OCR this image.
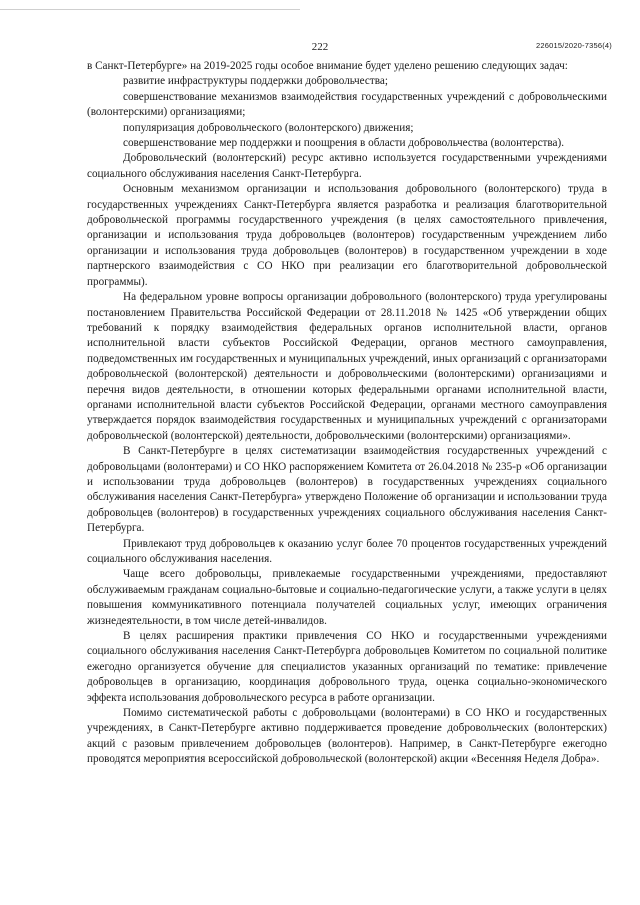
222	226015/2020-7356(4)

в Санкт-Петербурге» на 2019-2025 годы особое внимание будет уделено решению следующих задач:

развитие инфраструктуры поддержки добровольчества;

совершенствование механизмов взаимодействия государственных учреждений с добровольческими (волонтерскими) организациями;

популяризация добровольческого (волонтерского) движения;

совершенствование мер поддержки и поощрения в области добровольчества (волонтерства).

Добровольческий (волонтерский) ресурс активно используется государственными учреждениями социального обслуживания населения Санкт-Петербурга.

Основным механизмом организации и использования добровольного (волонтерского) труда в государственных учреждениях Санкт-Петербурга является разработка и реализация благотворительной добровольческой программы государственного учреждения (в целях самостоятельного привлечения, организации и использования труда добровольцев (волонтеров) государственным учреждением либо организации и использования труда добровольцев (волонтеров) в государственном учреждении в ходе партнерского взаимодействия с СО НКО при реализации его благотворительной добровольческой программы).

На федеральном уровне вопросы организации добровольного (волонтерского) труда урегулированы постановлением Правительства Российской Федерации от 28.11.2018 № 1425 «Об утверждении общих требований к порядку взаимодействия федеральных органов исполнительной власти, органов исполнительной власти субъектов Российской Федерации, органов местного самоуправления, подведомственных им государственных и муниципальных учреждений, иных организаций с организаторами добровольческой (волонтерской) деятельности и добровольческими (волонтерскими) организациями и перечня видов деятельности, в отношении которых федеральными органами исполнительной власти, органами исполнительной власти субъектов Российской Федерации, органами местного самоуправления утверждается порядок взаимодействия государственных и муниципальных учреждений с организаторами добровольческой (волонтерской) деятельности, добровольческими (волонтерскими) организациями».

В Санкт-Петербурге в целях систематизации взаимодействия государственных учреждений с добровольцами (волонтерами) и СО НКО распоряжением Комитета от 26.04.2018 № 235-р «Об организации и использовании труда добровольцев (волонтеров) в государственных учреждениях социального обслуживания населения Санкт-Петербурга» утверждено Положение об организации и использовании труда добровольцев (волонтеров) в государственных учреждениях социального обслуживания населения Санкт-Петербурга.

Привлекают труд добровольцев к оказанию услуг более 70 процентов государственных учреждений социального обслуживания населения.

Чаще всего добровольцы, привлекаемые государственными учреждениями, предоставляют обслуживаемым гражданам социально-бытовые и социально-педагогические услуги, а также услуги в целях повышения коммуникативного потенциала получателей социальных услуг, имеющих ограничения жизнедеятельности, в том числе детей-инвалидов.

В целях расширения практики привлечения СО НКО и государственными учреждениями социального обслуживания населения Санкт-Петербурга добровольцев Комитетом по социальной политике ежегодно организуется обучение для специалистов указанных организаций по тематике: привлечение добровольцев в организацию, координация добровольного труда, оценка социально-экономического эффекта использования добровольческого ресурса в работе организации.

Помимо систематической работы с добровольцами (волонтерами) в СО НКО и государственных учреждениях, в Санкт-Петербурге активно поддерживается проведение добровольческих (волонтерских) акций с разовым привлечением добровольцев (волонтеров). Например, в Санкт-Петербурге ежегодно проводятся мероприятия всероссийской добровольческой (волонтерской) акции «Весенняя Неделя Добра».
